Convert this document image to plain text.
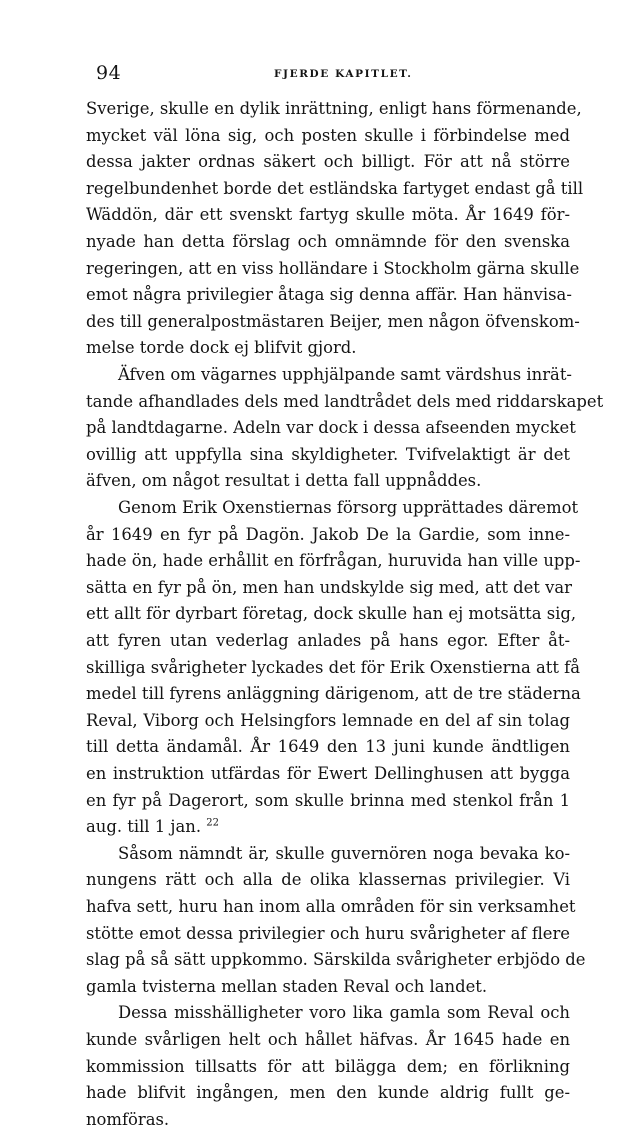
94	FJERDE KAPITLET.
Sverige, skulle en dylik inrättning, enligt hans förmenande,
mycket väl löna sig, och posten skulle i förbindelse med
dessa jakter ordnas säkert och billigt. För att nå större
regelbundenhet borde det estländska fartyget endast gå till
Wäddön, där ett svenskt fartyg skulle möta. År 1649 för-
nyade han detta förslag och omnämnde för den svenska
regeringen, att en viss holländare i Stockholm gärna skulle
emot några privilegier åtaga sig denna affär. Han hänvisa-
des till generalpostmästaren Beijer, men någon öfvenskom-
melse torde dock ej blifvit gjord.
Äfven om vägarnes upphjälpande samt värdshus inrät-
tande afhandlades dels med landtrådet dels med riddarskapet
på landtdagarne. Adeln var dock i dessa afseenden mycket
ovillig att uppfylla sina skyldigheter. Tvifvelaktigt är det
äfven, om något resultat i detta fall uppnåddes.
Genom Erik Oxenstiernas försorg upprättades däremot
år 1649 en fyr på Dagön. Jakob De la Gardie, som inne-
hade ön, hade erhållit en förfrågan, huruvida han ville upp-
sätta en fyr på ön, men han undskylde sig med, att det var
ett allt för dyrbart företag, dock skulle han ej motsätta sig,
att fyren utan vederlag anlades på hans egor. Efter åt-
skilliga svårigheter lyckades det för Erik Oxenstierna att få
medel till fyrens anläggning därigenom, att de tre städerna
Reval, Viborg och Helsingfors lemnade en del af sin tolag
till detta ändamål. År 1649 den 13 juni kunde ändtligen
en instruktion utfärdas för Ewert Dellinghusen att bygga
en fyr på Dagerort, som skulle brinna med stenkol från 1
aug. till 1 jan. $^{22}$
Såsom nämndt är, skulle guvernören noga bevaka ko-
nungens rätt och alla de olika klassernas privilegier. Vi
hafva sett, huru han inom alla områden för sin verksamhet
stötte emot dessa privilegier och huru svårigheter af flere
slag på så sätt uppkommo. Särskilda svårigheter erbjödo de
gamla tvisterna mellan staden Reval och landet.
Dessa misshälligheter voro lika gamla som Reval och
kunde svårligen helt och hållet häfvas. År 1645 hade en
kommission tillsatts för att bilägga dem; en förlikning
hade blifvit ingången, men den kunde aldrig fullt ge-
nomföras.
